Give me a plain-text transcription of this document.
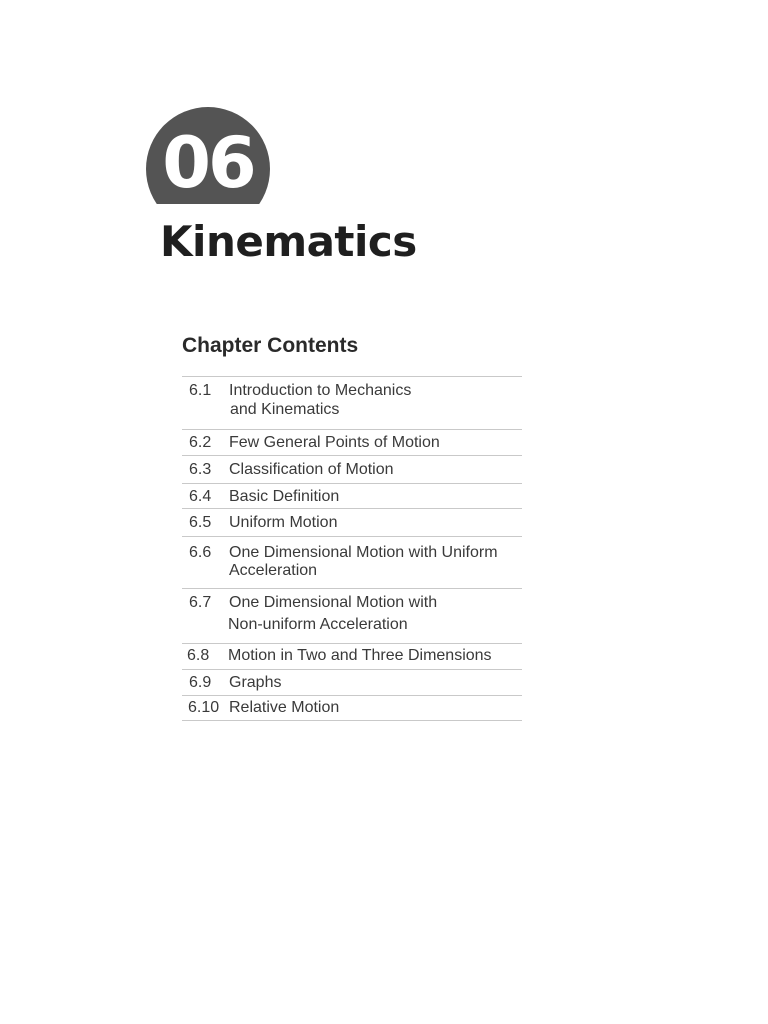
06
Kinematics
Chapter Contents
6.1	Introduction to Mechanics
and Kinematics
6.2	Few General Points of Motion
6.3	Classification of Motion
6.4	Basic Definition
6.5	Uniform Motion
6.6	One Dimensional Motion with Uniform
Acceleration
6.7	One Dimensional Motion with
Non-uniform Acceleration
6.8	Motion in Two and Three Dimensions
6.9	Graphs
6.10 Relative Motion
